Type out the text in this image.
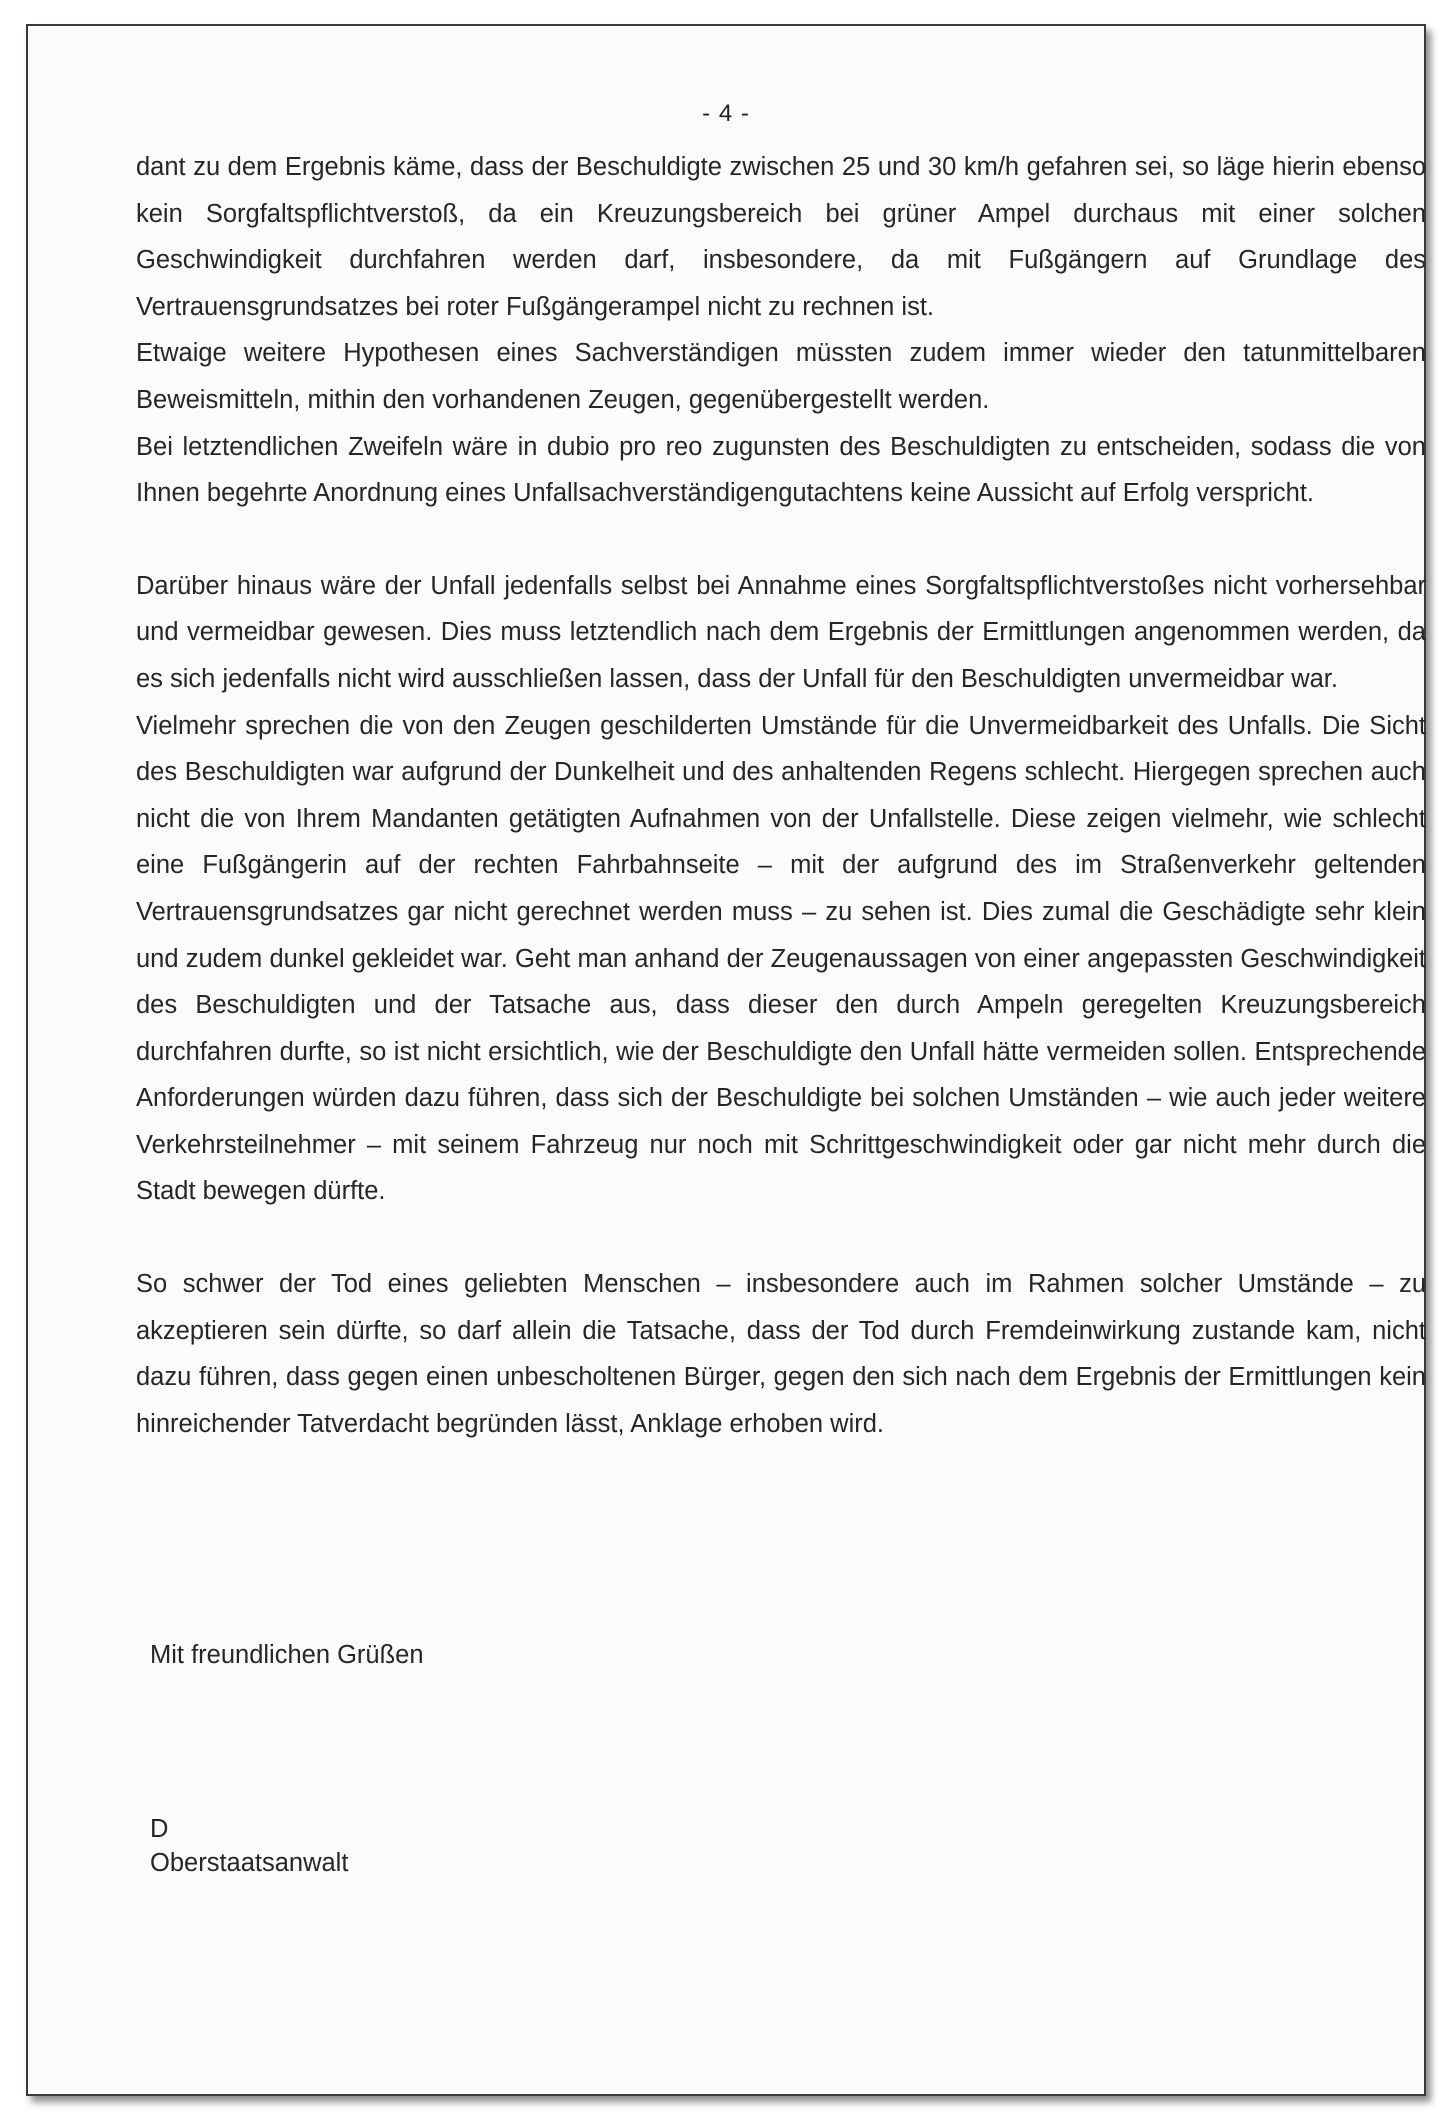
- 4 -

dant zu dem Ergebnis käme, dass der Beschuldigte zwischen 25 und 30 km/h gefahren sei, so läge hierin ebenso kein Sorgfaltspflichtverstoß, da ein Kreuzungsbereich bei grüner Ampel durchaus mit einer solchen Geschwindigkeit durchfahren werden darf, insbesondere, da mit Fußgängern auf Grundlage des Vertrauensgrundsatzes bei roter Fußgängerampel nicht zu rechnen ist.

Etwaige weitere Hypothesen eines Sachverständigen müssten zudem immer wieder den tatunmittelbaren Beweismitteln, mithin den vorhandenen Zeugen, gegenübergestellt werden.

Bei letztendlichen Zweifeln wäre in dubio pro reo zugunsten des Beschuldigten zu entscheiden, sodass die von Ihnen begehrte Anordnung eines Unfallsachverständigengutachtens keine Aussicht auf Erfolg verspricht.

Darüber hinaus wäre der Unfall jedenfalls selbst bei Annahme eines Sorgfaltspflichtverstoßes nicht vorhersehbar und vermeidbar gewesen. Dies muss letztendlich nach dem Ergebnis der Ermittlungen angenommen werden, da es sich jedenfalls nicht wird ausschließen lassen, dass der Unfall für den Beschuldigten unvermeidbar war.

Vielmehr sprechen die von den Zeugen geschilderten Umstände für die Unvermeidbarkeit des Unfalls. Die Sicht des Beschuldigten war aufgrund der Dunkelheit und des anhaltenden Regens schlecht. Hiergegen sprechen auch nicht die von Ihrem Mandanten getätigten Aufnahmen von der Unfallstelle. Diese zeigen vielmehr, wie schlecht eine Fußgängerin auf der rechten Fahrbahnseite – mit der aufgrund des im Straßenverkehr geltenden Vertrauensgrundsatzes gar nicht gerechnet werden muss – zu sehen ist. Dies zumal die Geschädigte sehr klein und zudem dunkel gekleidet war. Geht man anhand der Zeugenaussagen von einer angepassten Geschwindigkeit des Beschuldigten und der Tatsache aus, dass dieser den durch Ampeln geregelten Kreuzungsbereich durchfahren durfte, so ist nicht ersichtlich, wie der Beschuldigte den Unfall hätte vermeiden sollen. Entsprechende Anforderungen würden dazu führen, dass sich der Beschuldigte bei solchen Umständen – wie auch jeder weitere Verkehrsteilnehmer – mit seinem Fahrzeug nur noch mit Schrittgeschwindigkeit oder gar nicht mehr durch die Stadt bewegen dürfte.

So schwer der Tod eines geliebten Menschen – insbesondere auch im Rahmen solcher Umstände – zu akzeptieren sein dürfte, so darf allein die Tatsache, dass der Tod durch Fremdeinwirkung zustande kam, nicht dazu führen, dass gegen einen unbescholtenen Bürger, gegen den sich nach dem Ergebnis der Ermittlungen kein hinreichender Tatverdacht begründen lässt, Anklage erhoben wird.

Mit freundlichen Grüßen
D
Oberstaatsanwalt
